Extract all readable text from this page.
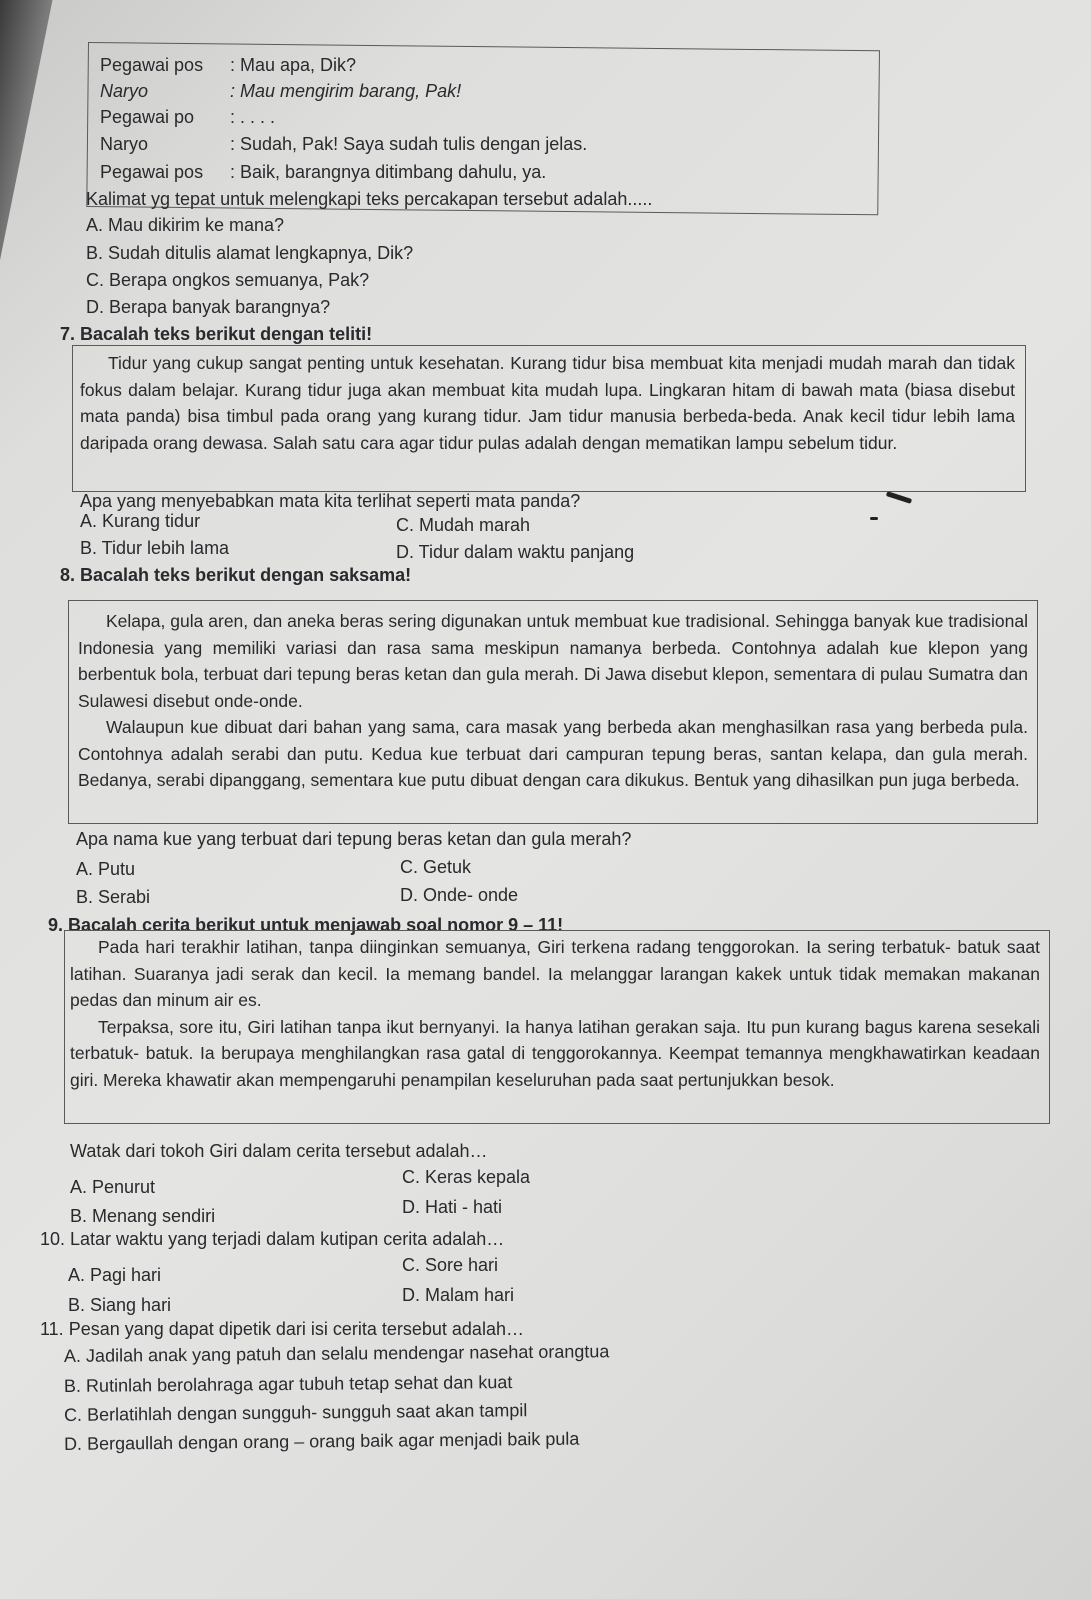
Pegawai pos : Mau apa, Dik?
Naryo	: Mau mengirim barang, Pak!
Pegawai po : . . . .
Naryo	: Sudah, Pak! Saya sudah tulis dengan jelas.
Pegawai pos : Baik, barangnya ditimbang dahulu, ya.
Kalimat yg tepat untuk melengkapi teks percakapan tersebut adalah.....
A. Mau dikirim ke mana?
B. Sudah ditulis alamat lengkapnya, Dik?
C. Berapa ongkos semuanya, Pak?
D. Berapa banyak barangnya?
7. Bacalah teks berikut dengan teliti!

Tidur yang cukup sangat penting untuk kesehatan. Kurang tidur bisa membuat kita menjadi mudah marah dan tidak fokus dalam belajar. Kurang tidur juga akan membuat kita mudah lupa. Lingkaran hitam di bawah mata (biasa disebut mata panda) bisa timbul pada orang yang kurang tidur. Jam tidur manusia berbeda-beda. Anak kecil tidur lebih lama daripada orang dewasa. Salah satu cara agar tidur pulas adalah dengan mematikan lampu sebelum tidur.

Apa yang menyebabkan mata kita terlihat seperti mata panda?
A. Kurang tidur	C. Mudah marah
B. Tidur lebih lama	D. Tidur dalam waktu panjang
8. Bacalah teks berikut dengan saksama!

Kelapa, gula aren, dan aneka beras sering digunakan untuk membuat kue tradisional. Sehingga banyak kue tradisional Indonesia yang memiliki variasi dan rasa sama meskipun namanya berbeda. Contohnya adalah kue klepon yang berbentuk bola, terbuat dari tepung beras ketan dan gula merah. Di Jawa disebut klepon, sementara di pulau Sumatra dan Sulawesi disebut onde-onde.

Walaupun kue dibuat dari bahan yang sama, cara masak yang berbeda akan menghasilkan rasa yang berbeda pula. Contohnya adalah serabi dan putu. Kedua kue terbuat dari campuran tepung beras, santan kelapa, dan gula merah. Bedanya, serabi dipanggang, sementara kue putu dibuat dengan cara dikukus. Bentuk yang dihasilkan pun juga berbeda.

Apa nama kue yang terbuat dari tepung beras ketan dan gula merah?
A. Putu	C. Getuk
B. Serabi	D. Onde- onde
9. Bacalah cerita berikut untuk menjawab soal nomor 9 – 11!

Pada hari terakhir latihan, tanpa diinginkan semuanya, Giri terkena radang tenggorokan. Ia sering terbatuk- batuk saat latihan. Suaranya jadi serak dan kecil. Ia memang bandel. Ia melanggar larangan kakek untuk tidak memakan makanan pedas dan minum air es.

Terpaksa, sore itu, Giri latihan tanpa ikut bernyanyi. Ia hanya latihan gerakan saja. Itu pun kurang bagus karena sesekali terbatuk- batuk. Ia berupaya menghilangkan rasa gatal di tenggorokannya. Keempat temannya mengkhawatirkan keadaan giri. Mereka khawatir akan mempengaruhi penampilan keseluruhan pada saat pertunjukkan besok.

Watak dari tokoh Giri dalam cerita tersebut adalah…
A. Penurut	C. Keras kepala
B. Menang sendiri	D. Hati - hati
10. Latar waktu yang terjadi dalam kutipan cerita adalah…
A. Pagi hari	C. Sore hari
B. Siang hari	D. Malam hari
11. Pesan yang dapat dipetik dari isi cerita tersebut adalah…
A. Jadilah anak yang patuh dan selalu mendengar nasehat orangtua
B. Rutinlah berolahraga agar tubuh tetap sehat dan kuat
C. Berlatihlah dengan sungguh- sungguh saat akan tampil
D. Bergaullah dengan orang – orang baik agar menjadi baik pula
